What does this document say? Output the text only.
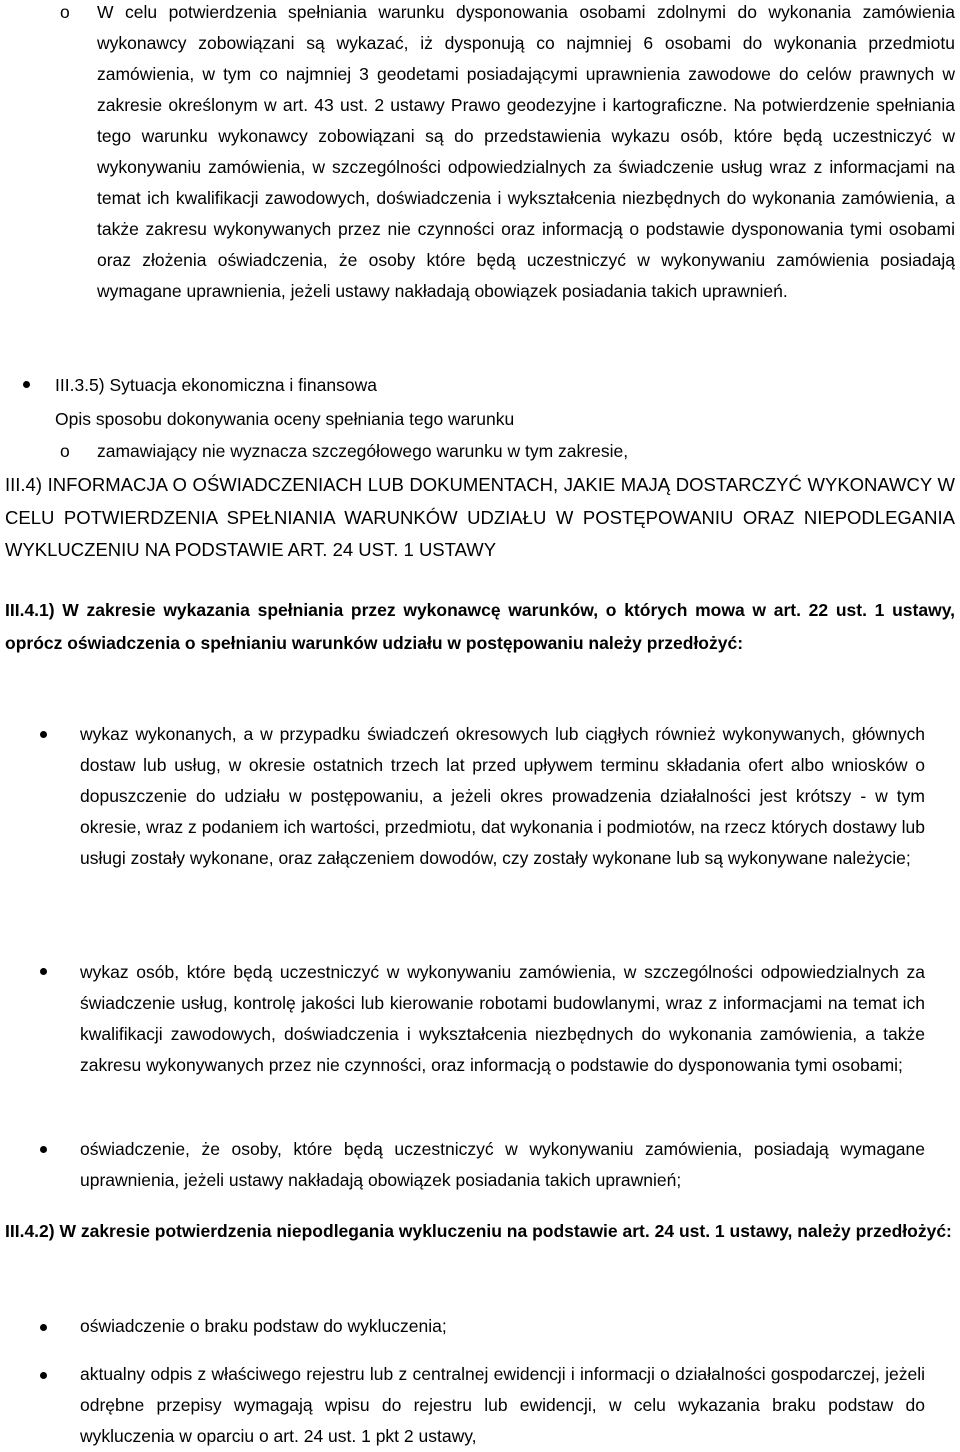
o W celu potwierdzenia spełniania warunku dysponowania osobami zdolnymi do wykonania zamówienia wykonawcy zobowiązani są wykazać, iż dysponują co najmniej 6 osobami do wykonania przedmiotu zamówienia, w tym co najmniej 3 geodetami posiadającymi uprawnienia zawodowe do celów prawnych w zakresie określonym w art. 43 ust. 2 ustawy Prawo geodezyjne i kartograficzne. Na potwierdzenie spełniania tego warunku wykonawcy zobowiązani są do przedstawienia wykazu osób, które będą uczestniczyć w wykonywaniu zamówienia, w szczególności odpowiedzialnych za świadczenie usług wraz z informacjami na temat ich kwalifikacji zawodowych, doświadczenia i wykształcenia niezbędnych do wykonania zamówienia, a także zakresu wykonywanych przez nie czynności oraz informacją o podstawie dysponowania tymi osobami oraz złożenia oświadczenia, że osoby które będą uczestniczyć w wykonywaniu zamówienia posiadają wymagane uprawnienia, jeżeli ustawy nakładają obowiązek posiadania takich uprawnień.
III.3.5) Sytuacja ekonomiczna i finansowa
Opis sposobu dokonywania oceny spełniania tego warunku
o zamawiający nie wyznacza szczegółowego warunku w tym zakresie,
III.4) INFORMACJA O OŚWIADCZENIACH LUB DOKUMENTACH, JAKIE MAJĄ DOSTARCZYĆ WYKONAWCY W CELU POTWIERDZENIA SPEŁNIANIA WARUNKÓW UDZIAŁU W POSTĘPOWANIU ORAZ NIEPODLEGANIA WYKLUCZENIU NA PODSTAWIE ART. 24 UST. 1 USTAWY
III.4.1) W zakresie wykazania spełniania przez wykonawcę warunków, o których mowa w art. 22 ust. 1 ustawy, oprócz oświadczenia o spełnianiu warunków udziału w postępowaniu należy przedłożyć:
wykaz wykonanych, a w przypadku świadczeń okresowych lub ciągłych również wykonywanych, głównych dostaw lub usług, w okresie ostatnich trzech lat przed upływem terminu składania ofert albo wniosków o dopuszczenie do udziału w postępowaniu, a jeżeli okres prowadzenia działalności jest krótszy - w tym okresie, wraz z podaniem ich wartości, przedmiotu, dat wykonania i podmiotów, na rzecz których dostawy lub usługi zostały wykonane, oraz załączeniem dowodów, czy zostały wykonane lub są wykonywane należycie;
wykaz osób, które będą uczestniczyć w wykonywaniu zamówienia, w szczególności odpowiedzialnych za świadczenie usług, kontrolę jakości lub kierowanie robotami budowlanymi, wraz z informacjami na temat ich kwalifikacji zawodowych, doświadczenia i wykształcenia niezbędnych do wykonania zamówienia, a także zakresu wykonywanych przez nie czynności, oraz informacją o podstawie do dysponowania tymi osobami;
oświadczenie, że osoby, które będą uczestniczyć w wykonywaniu zamówienia, posiadają wymagane uprawnienia, jeżeli ustawy nakładają obowiązek posiadania takich uprawnień;
III.4.2) W zakresie potwierdzenia niepodlegania wykluczeniu na podstawie art. 24 ust. 1 ustawy, należy przedłożyć:
oświadczenie o braku podstaw do wykluczenia;
aktualny odpis z właściwego rejestru lub z centralnej ewidencji i informacji o działalności gospodarczej, jeżeli odrębne przepisy wymagają wpisu do rejestru lub ewidencji, w celu wykazania braku podstaw do wykluczenia w oparciu o art. 24 ust. 1 pkt 2 ustawy,
